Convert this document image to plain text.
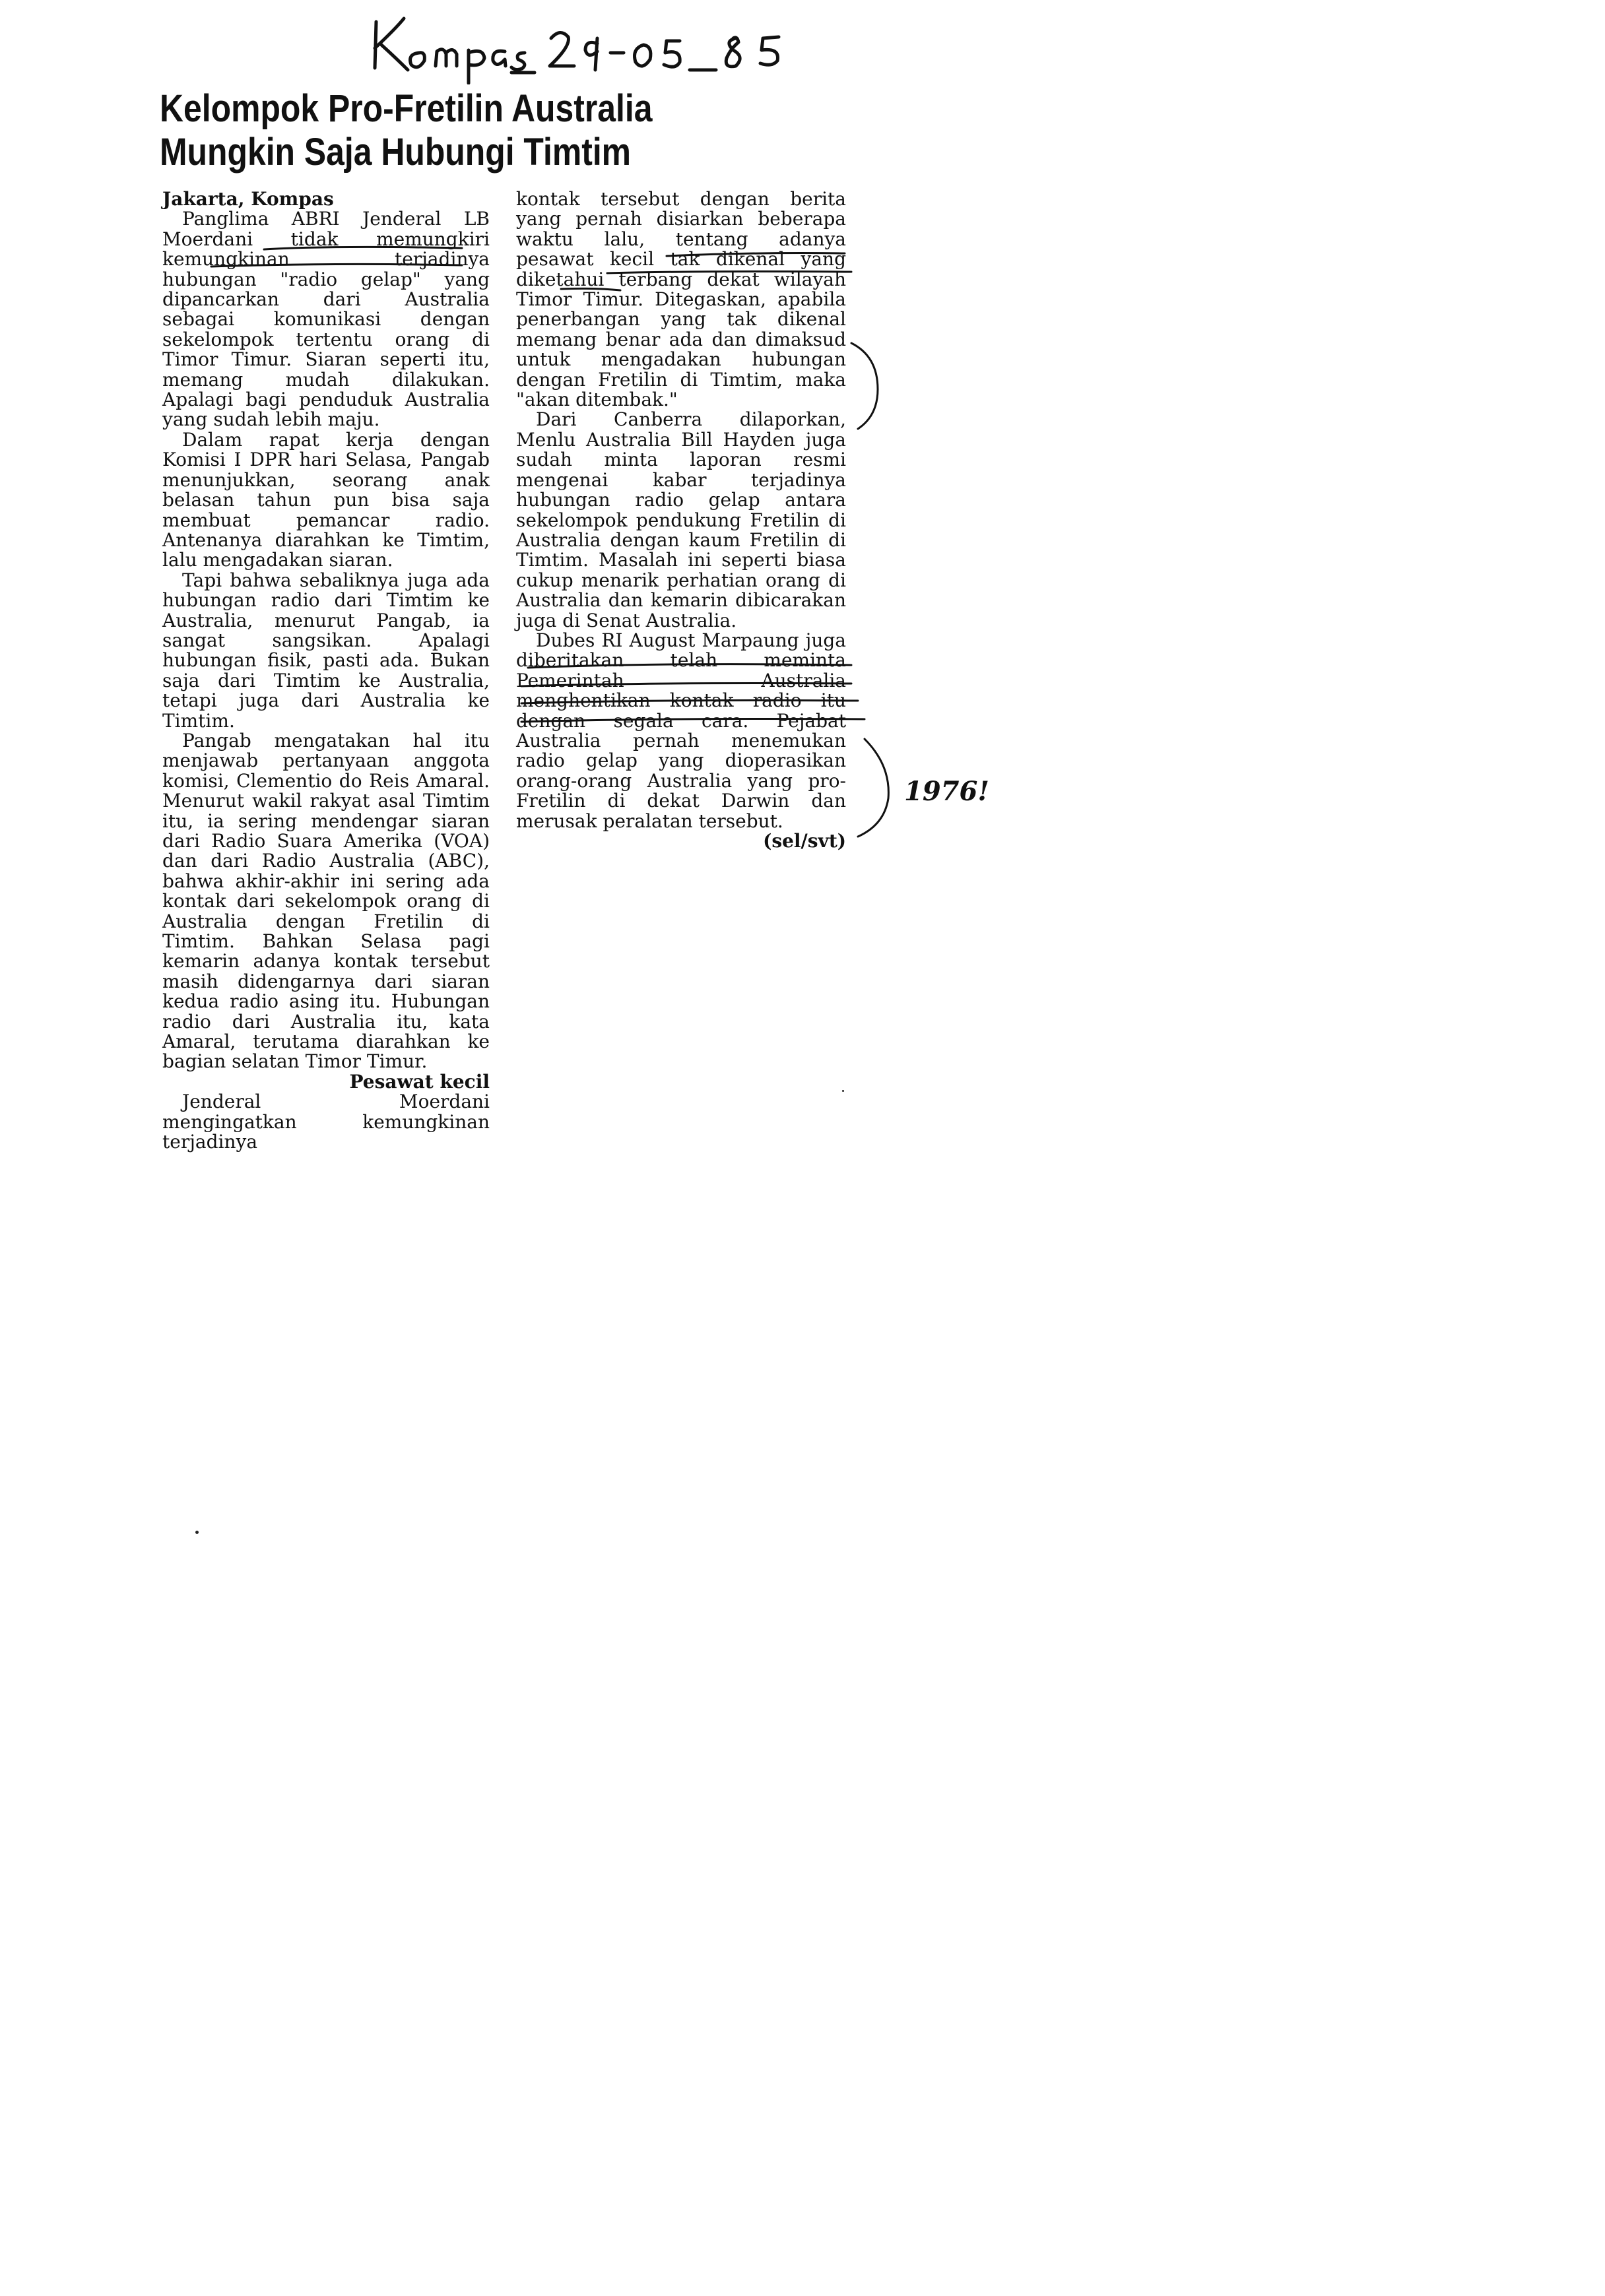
Kelompok Pro-Fretilin Australia
Mungkin Saja Hubungi Timtim

Jakarta, Kompas

Panglima ABRI Jenderal LB Moerdani tidak memungkiri kemungkinan terjadinya hubungan "radio gelap" yang dipancarkan dari Australia sebagai komunikasi dengan sekelompok tertentu orang di Timor Timur. Siaran seperti itu, memang mudah dilakukan. Apalagi bagi penduduk Australia yang sudah lebih maju.

Dalam rapat kerja dengan Komisi I DPR hari Selasa, Pangab menunjukkan, seorang anak belasan tahun pun bisa saja membuat pemancar radio. Antenanya diarahkan ke Timtim, lalu mengadakan siaran.

Tapi bahwa sebaliknya juga ada hubungan radio dari Timtim ke Australia, menurut Pangab, ia sangat sangsikan. Apalagi hubungan fisik, pasti ada. Bukan saja dari Timtim ke Australia, tetapi juga dari Australia ke Timtim.

Pangab mengatakan hal itu menjawab pertanyaan anggota komisi, Clementio do Reis Amaral. Menurut wakil rakyat asal Timtim itu, ia sering mendengar siaran dari Radio Suara Amerika (VOA) dan dari Radio Australia (ABC), bahwa akhir-akhir ini sering ada kontak dari sekelompok orang di Australia dengan Fretilin di Timtim. Bahkan Selasa pagi kemarin adanya kontak tersebut masih didengarnya dari siaran kedua radio asing itu. Hubungan radio dari Australia itu, kata Amaral, terutama diarahkan ke bagian selatan Timor Timur.

Pesawat kecil

Jenderal Moerdani mengingatkan kemungkinan terjadinya

kontak tersebut dengan berita yang pernah disiarkan beberapa waktu lalu, tentang adanya pesawat kecil tak dikenal yang diketahui terbang dekat wilayah Timor Timur. Ditegaskan, apabila penerbangan yang tak dikenal memang benar ada dan dimaksud untuk mengadakan hubungan dengan Fretilin di Timtim, maka "akan ditembak."

Dari Canberra dilaporkan, Menlu Australia Bill Hayden juga sudah minta laporan resmi mengenai kabar terjadinya hubungan radio gelap antara sekelompok pendukung Fretilin di Australia dengan kaum Fretilin di Timtim. Masalah ini seperti biasa cukup menarik perhatian orang di Australia dan kemarin dibicarakan juga di Senat Australia.

Dubes RI August Marpaung juga diberitakan telah meminta Pemerintah Australia menghentikan kontak radio itu dengan segala cara. Pejabat Australia pernah menemukan radio gelap yang dioperasikan orang-orang Australia yang pro-Fretilin di dekat Darwin dan merusak peralatan tersebut.

(sel/svt)

1976!
